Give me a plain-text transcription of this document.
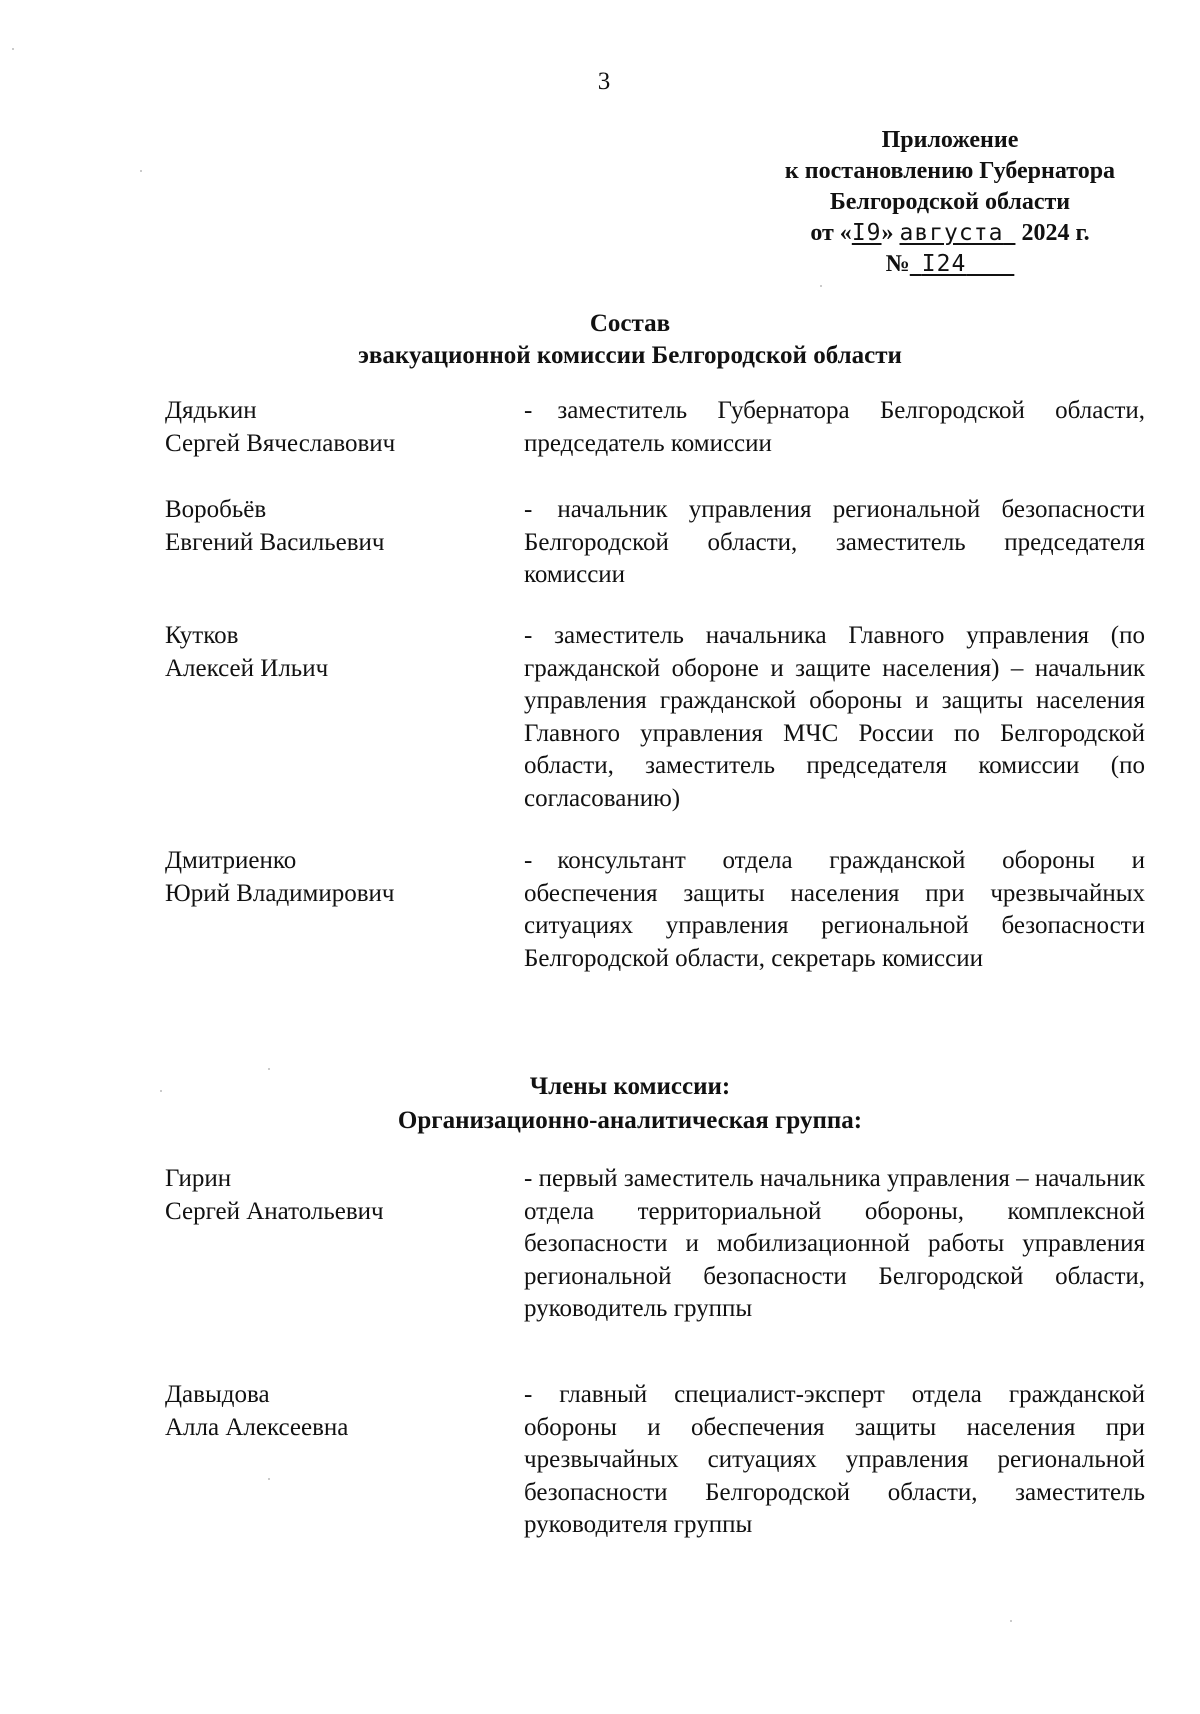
3
Приложение
к постановлению Губернатора
Белгородской области
от «I9» августа 2024 г.
№ I24
Состав
эвакуационной комиссии Белгородской области
Дядькин
Сергей Вячеславович
- заместитель Губернатора Белгородской области, председатель комиссии
Воробьёв
Евгений Васильевич
- начальник управления региональной безопасности Белгородской области, заместитель председателя комиссии
Кутков
Алексей Ильич
- заместитель начальника Главного управления (по гражданской обороне и защите населения) – начальник управления гражданской обороны и защиты населения Главного управления МЧС России по Белгородской области, заместитель председателя комиссии (по согласованию)
Дмитриенко
Юрий Владимирович
- консультант отдела гражданской обороны и обеспечения защиты населения при чрезвычайных ситуациях управления региональной безопасности Белгородской области, секретарь комиссии
Члены комиссии:
Организационно-аналитическая группа:
Гирин
Сергей Анатольевич
- первый заместитель начальника управления – начальник отдела территориальной обороны, комплексной безопасности и мобилизационной работы управления региональной безопасности Белгородской области, руководитель группы
Давыдова
Алла Алексеевна
- главный специалист-эксперт отдела гражданской обороны и обеспечения защиты населения при чрезвычайных ситуациях управления региональной безопасности Белгородской области, заместитель руководителя группы
